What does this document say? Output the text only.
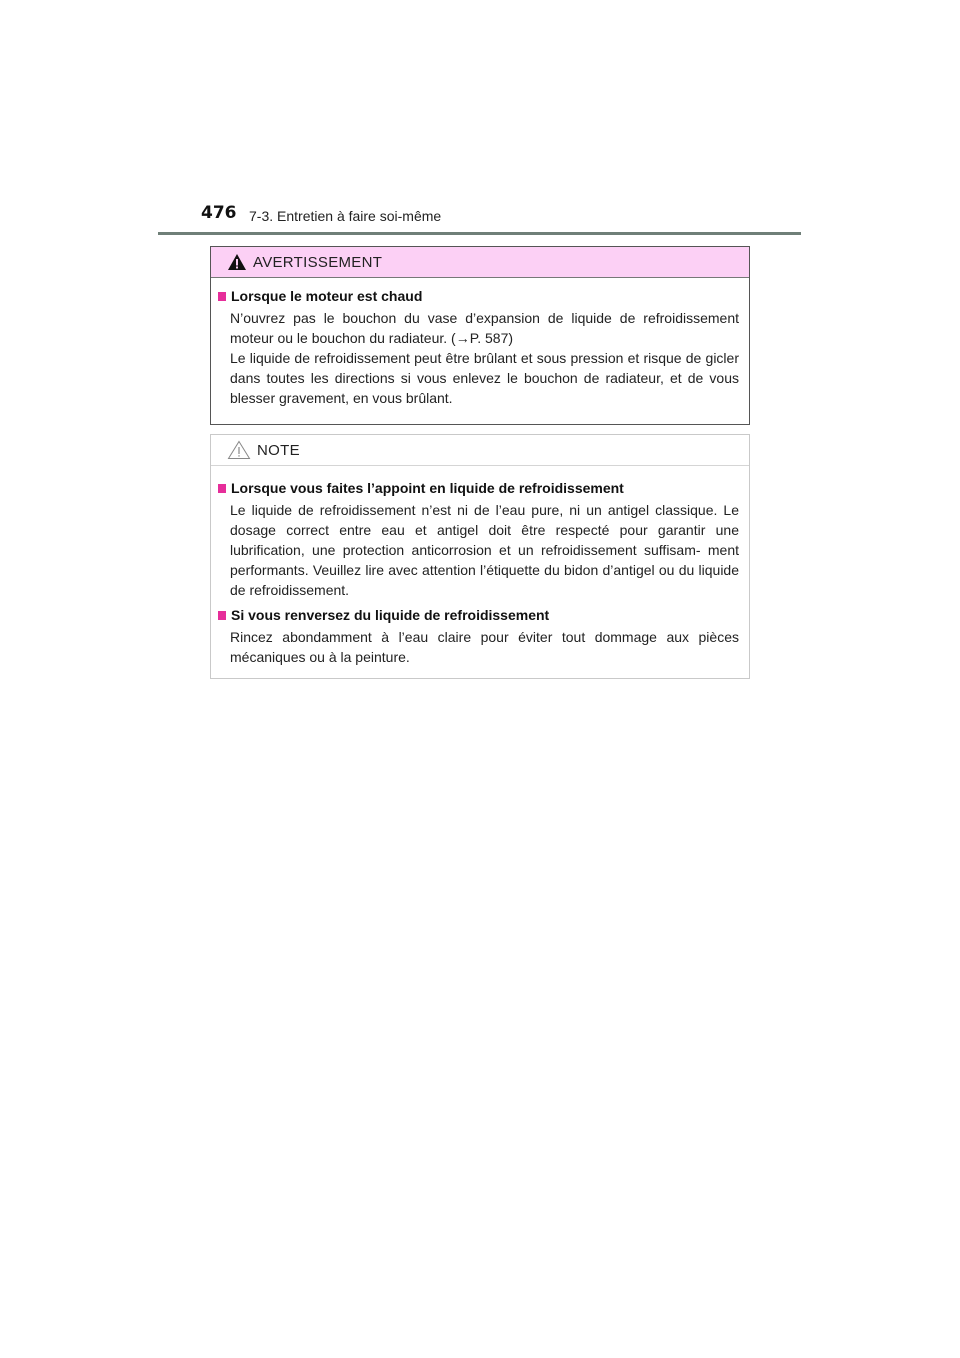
476 7-3. Entretien à faire soi-même
AVERTISSEMENT
Lorsque le moteur est chaud

N’ouvrez pas le bouchon du vase d’expansion de liquide de refroidissement moteur ou le bouchon du radiateur. (→P. 587)

Le liquide de refroidissement peut être brûlant et sous pression et risque de gicler dans toutes les directions si vous enlevez le bouchon de radiateur, et de vous blesser gravement, en vous brûlant.

NOTE
Lorsque vous faites l’appoint en liquide de refroidissement

Le liquide de refroidissement n’est ni de l’eau pure, ni un antigel classique. Le dosage correct entre eau et antigel doit être respecté pour garantir une lubrification, une protection anticorrosion et un refroidissement suffisam- ment performants. Veuillez lire avec attention l’étiquette du bidon d’antigel ou du liquide de refroidissement.

Si vous renversez du liquide de refroidissement

Rincez abondamment à l’eau claire pour éviter tout dommage aux pièces mécaniques ou à la peinture.
